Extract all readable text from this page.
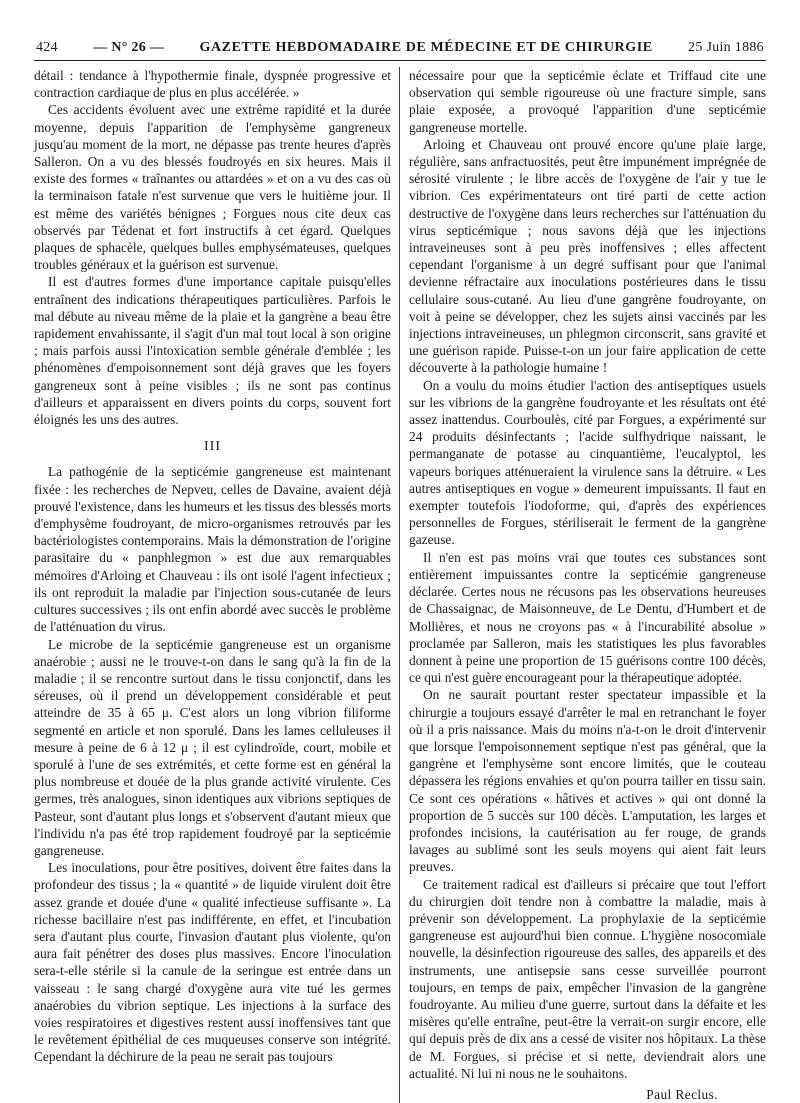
424	— N° 26 —	GAZETTE HEBDOMADAIRE DE MÉDECINE ET DE CHIRURGIE	25 Juin 1886

détail : tendance à l'hypothermie finale, dyspnée progressive et contraction cardiaque de plus en plus accélérée. »

Ces accidents évoluent avec une extrême rapidité et la durée moyenne, depuis l'apparition de l'emphysème gangreneux jusqu'au moment de la mort, ne dépasse pas trente heures d'après Salleron. On a vu des blessés foudroyés en six heures. Mais il existe des formes « traînantes ou attardées » et on a vu des cas où la terminaison fatale n'est survenue que vers le huitième jour. Il est même des variétés bénignes ; Forgues nous cite deux cas observés par Tédenat et fort instructifs à cet égard. Quelques plaques de sphacèle, quelques bulles emphysémateuses, quelques troubles généraux et la guérison est survenue.

Il est d'autres formes d'une importance capitale puisqu'elles entraînent des indications thérapeutiques particulières. Parfois le mal débute au niveau même de la plaie et la gangrène a beau être rapidement envahissante, il s'agit d'un mal tout local à son origine ; mais parfois aussi l'intoxication semble générale d'emblée ; les phénomènes d'empoisonnement sont déjà graves que les foyers gangreneux sont à peine visibles ; ils ne sont pas continus d'ailleurs et apparaissent en divers points du corps, souvent fort éloignés les uns des autres.

III

La pathogénie de la septicémie gangreneuse est maintenant fixée : les recherches de Nepveu, celles de Davaine, avaient déjà prouvé l'existence, dans les humeurs et les tissus des blessés morts d'emphysème foudroyant, de micro-organismes retrouvés par les bactériologistes contemporains. Mais la démonstration de l'origine parasitaire du « panphlegmon » est due aux remarquables mémoires d'Arloing et Chauveau : ils ont isolé l'agent infectieux ; ils ont reproduit la maladie par l'injection sous-cutanée de leurs cultures successives ; ils ont enfin abordé avec succès le problème de l'atténuation du virus.

Le microbe de la septicémie gangreneuse est un organisme anaérobie ; aussi ne le trouve-t-on dans le sang qu'à la fin de la maladie ; il se rencontre surtout dans le tissu conjonctif, dans les séreuses, où il prend un développement considérable et peut atteindre de 35 à 65 μ. C'est alors un long vibrion filiforme segmenté en article et non sporulé. Dans les lames celluleuses il mesure à peine de 6 à 12 μ ; il est cylindroïde, court, mobile et sporulé à l'une de ses extrémités, et cette forme est en général la plus nombreuse et douée de la plus grande activité virulente. Ces germes, très analogues, sinon identiques aux vibrions septiques de Pasteur, sont d'autant plus longs et s'observent d'autant mieux que l'individu n'a pas été trop rapidement foudroyé par la septicémie gangreneuse.

Les inoculations, pour être positives, doivent être faites dans la profondeur des tissus ; la « quantité » de liquide virulent doit être assez grande et douée d'une « qualité infectieuse suffisante ». La richesse bacillaire n'est pas indifférente, en effet, et l'incubation sera d'autant plus courte, l'invasion d'autant plus violente, qu'on aura fait pénétrer des doses plus massives. Encore l'inoculation sera-t-elle stérile si la canule de la seringue est entrée dans un vaisseau : le sang chargé d'oxygène aura vite tué les germes anaérobies du vibrion septique. Les injections à la surface des voies respiratoires et digestives restent aussi inoffensives tant que le revêtement épithélial de ces muqueuses conserve son intégrité. Cependant la déchirure de la peau ne serait pas toujours

nécessaire pour que la septicémie éclate et Triffaud cite une observation qui semble rigoureuse où une fracture simple, sans plaie exposée, a provoqué l'apparition d'une septicémie gangreneuse mortelle.

Arloing et Chauveau ont prouvé encore qu'une plaie large, régulière, sans anfractuosités, peut être impunément imprégnée de sérosité virulente ; le libre accès de l'oxygène de l'air y tue le vibrion. Ces expérimentateurs ont tiré parti de cette action destructive de l'oxygène dans leurs recherches sur l'atténuation du virus septicémique ; nous savons déjà que les injections intraveineuses sont à peu près inoffensives ; elles affectent cependant l'organisme à un degré suffisant pour que l'animal devienne réfractaire aux inoculations postérieures dans le tissu cellulaire sous-cutané. Au lieu d'une gangrène foudroyante, on voit à peine se développer, chez les sujets ainsi vaccinés par les injections intraveineuses, un phlegmon circonscrit, sans gravité et une guérison rapide. Puisse-t-on un jour faire application de cette découverte à la pathologie humaine !

On a voulu du moins étudier l'action des antiseptiques usuels sur les vibrions de la gangrène foudroyante et les résultats ont été assez inattendus. Courboulès, cité par Forgues, a expérimenté sur 24 produits désinfectants ; l'acide sulfhydrique naissant, le permanganate de potasse au cinquantième, l'eucalyptol, les vapeurs boriques atténueraient la virulence sans la détruire. « Les autres antiseptiques en vogue » demeurent impuissants. Il faut en exempter toutefois l'iodoforme, qui, d'après des expériences personnelles de Forgues, stériliserait le ferment de la gangrène gazeuse.

Il n'en est pas moins vrai que toutes ces substances sont entièrement impuissantes contre la septicémie gangreneuse déclarée. Certes nous ne récusons pas les observations heureuses de Chassaignac, de Maisonneuve, de Le Dentu, d'Humbert et de Mollières, et nous ne croyons pas « à l'incurabilité absolue » proclamée par Salleron, mais les statistiques les plus favorables donnent à peine une proportion de 15 guérisons contre 100 décès, ce qui n'est guère encourageant pour la thérapeutique adoptée.

On ne saurait pourtant rester spectateur impassible et la chirurgie a toujours essayé d'arrêter le mal en retranchant le foyer où il a pris naissance. Mais du moins n'a-t-on le droit d'intervenir que lorsque l'empoisonnement septique n'est pas général, que la gangrène et l'emphysème sont encore limités, que le couteau dépassera les régions envahies et qu'on pourra tailler en tissu sain. Ce sont ces opérations « hâtives et actives » qui ont donné la proportion de 5 succès sur 100 décès. L'amputation, les larges et profondes incisions, la cautérisation au fer rouge, de grands lavages au sublimé sont les seuls moyens qui aient fait leurs preuves.

Ce traitement radical est d'ailleurs si précaire que tout l'effort du chirurgien doit tendre non à combattre la maladie, mais à prévenir son développement. La prophylaxie de la septicémie gangreneuse est aujourd'hui bien connue. L'hygiène nosocomiale nouvelle, la désinfection rigoureuse des salles, des appareils et des instruments, une antisepsie sans cesse surveillée pourront toujours, en temps de paix, empêcher l'invasion de la gangrène foudroyante. Au milieu d'une guerre, surtout dans la défaite et les misères qu'elle entraîne, peut-être la verrait-on surgir encore, elle qui depuis près de dix ans a cessé de visiter nos hôpitaux. La thèse de M. Forgues, si précise et si nette, deviendrait alors une actualité. Ni lui ni nous ne le souhaitons.

Paul Reclus.
